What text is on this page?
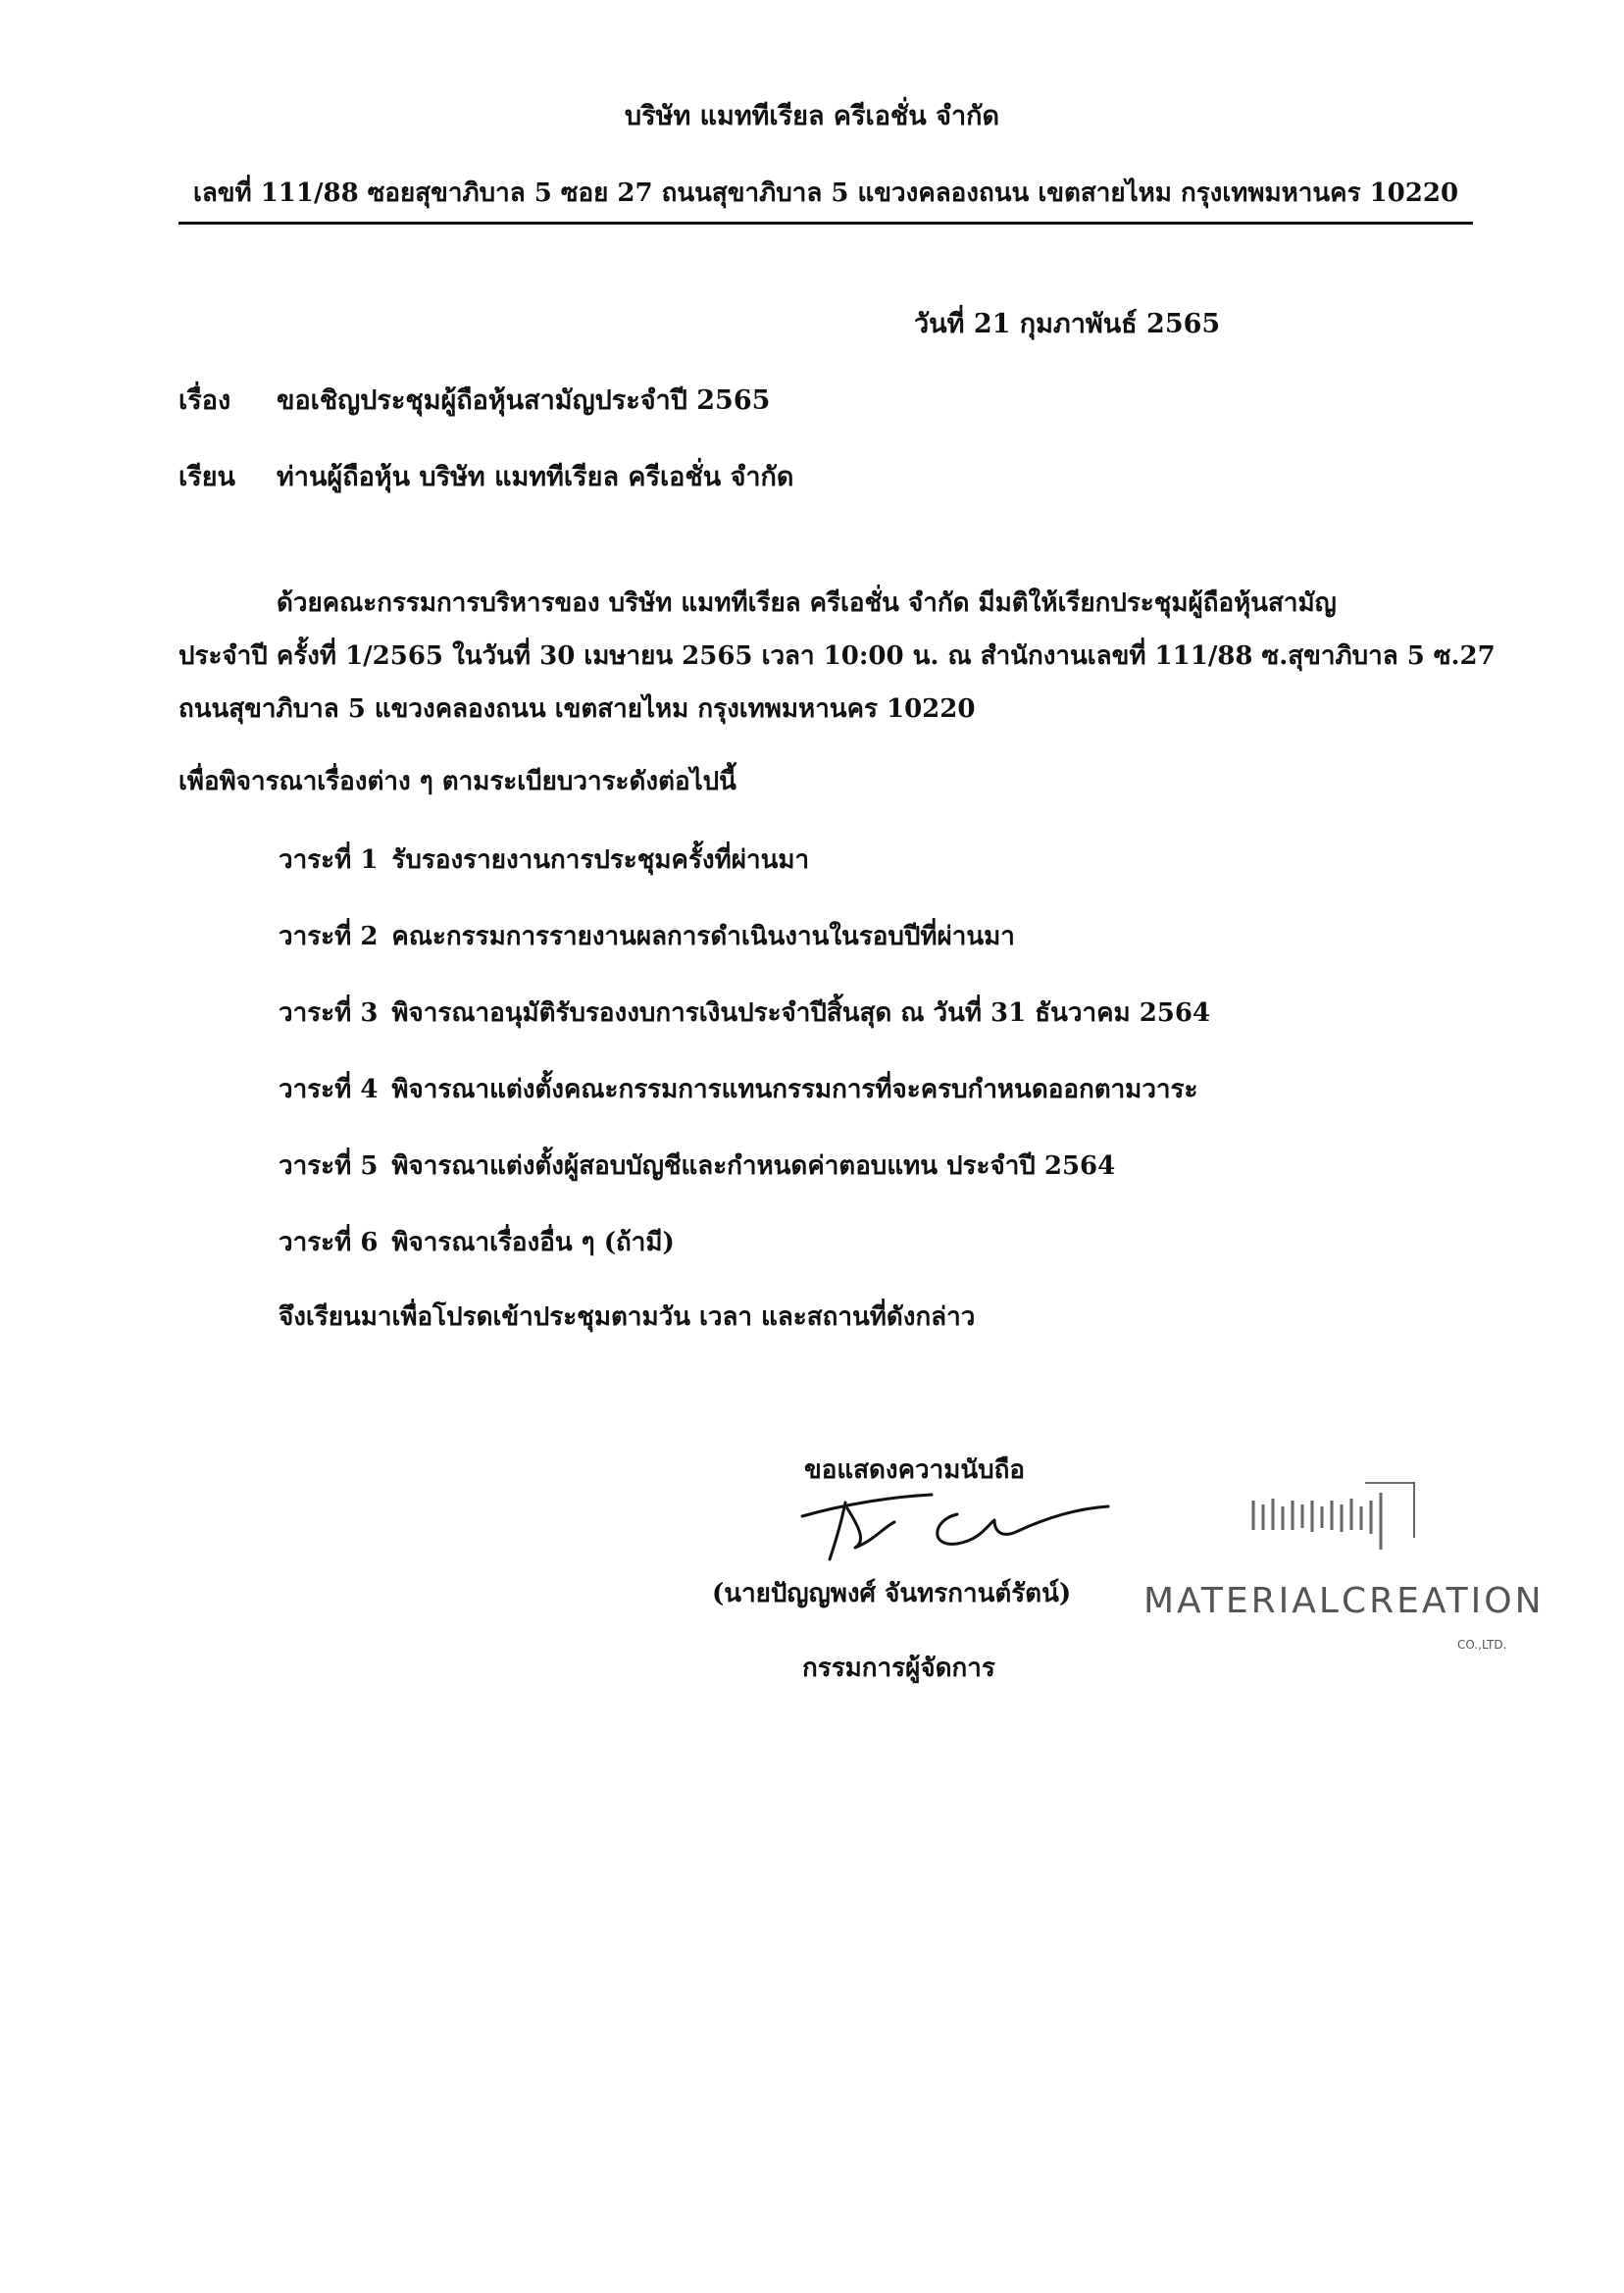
บริษัท แมททีเรียล ครีเอชั่น จำกัด
เลขที่ 111/88 ซอยสุขาภิบาล 5 ซอย 27 ถนนสุขาภิบาล 5 แขวงคลองถนน เขตสายไหม กรุงเทพมหานคร 10220
วันที่ 21 กุมภาพันธ์ 2565
เรื่อง ขอเชิญประชุมผู้ถือหุ้นสามัญประจำปี 2565
เรียน ท่านผู้ถือหุ้น บริษัท แมททีเรียล ครีเอชั่น จำกัด
ด้วยคณะกรรมการบริหารของ บริษัท แมททีเรียล ครีเอชั่น จำกัด มีมติให้เรียกประชุมผู้ถือหุ้นสามัญ
ประจำปี ครั้งที่ 1/2565 ในวันที่ 30 เมษายน 2565 เวลา 10:00 น. ณ สำนักงานเลขที่ 111/88 ซ.สุขาภิบาล 5 ซ.27
ถนนสุขาภิบาล 5 แขวงคลองถนน เขตสายไหม กรุงเทพมหานคร 10220
เพื่อพิจารณาเรื่องต่าง ๆ ตามระเบียบวาระดังต่อไปนี้
วาระที่ 1 รับรองรายงานการประชุมครั้งที่ผ่านมา
วาระที่ 2 คณะกรรมการรายงานผลการดำเนินงานในรอบปีที่ผ่านมา
วาระที่ 3 พิจารณาอนุมัติรับรองงบการเงินประจำปีสิ้นสุด ณ วันที่ 31 ธันวาคม 2564
วาระที่ 4 พิจารณาแต่งตั้งคณะกรรมการแทนกรรมการที่จะครบกำหนดออกตามวาระ
วาระที่ 5 พิจารณาแต่งตั้งผู้สอบบัญชีและกำหนดค่าตอบแทน ประจำปี 2564
วาระที่ 6 พิจารณาเรื่องอื่น ๆ (ถ้ามี)
จึงเรียนมาเพื่อโปรดเข้าประชุมตามวัน เวลา และสถานที่ดังกล่าว
ขอแสดงความนับถือ
(นายปัญญพงศ์ จันทรกานต์รัตน์)
กรรมการผู้จัดการ
MATERIALCREATION
CO.,LTD.
